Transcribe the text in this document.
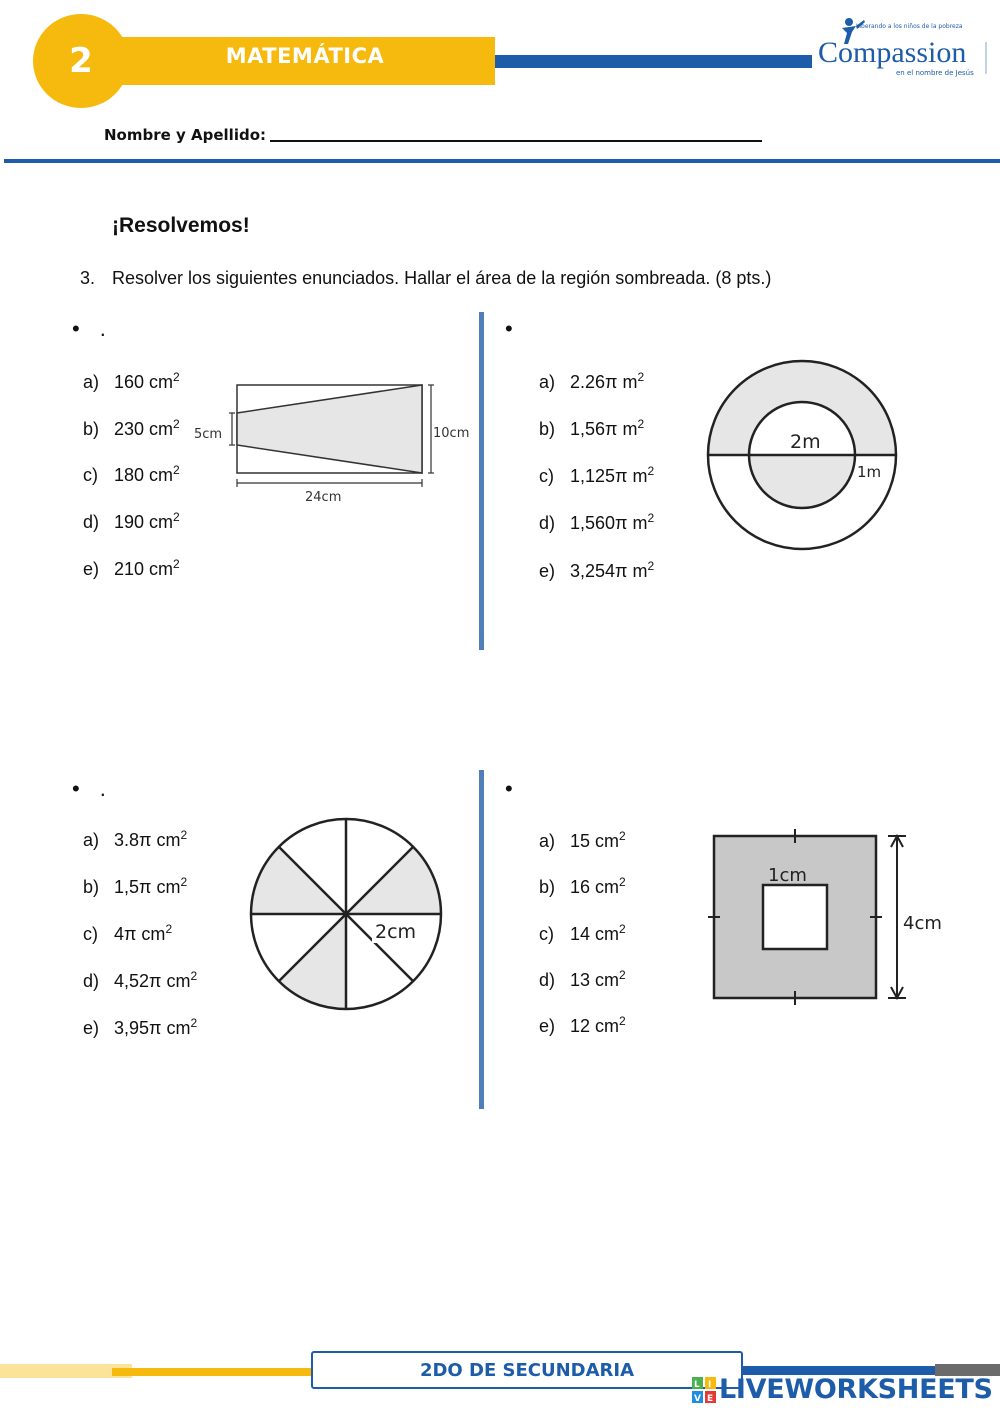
2	MATEMÁTICA
Liberando a los niños de la pobreza
Compassion
en el nombre de Jesús
Nombre y Apellido:
¡Resolvemos!
3. Resolver los siguientes enunciados. Hallar el área de la región sombreada. (8 pts.)
• .
a) 160 $cm^2$
b) 230 $cm^2$
c) 180 $cm^2$
d) 190 $cm^2$
e) 210 $cm^2$
5cm	10cm
24cm
•
a) 2.26π $m^2$
b) 1,56π $m^2$
c) 1,125π $m^2$
d) 1,560π $m^2$
e) 3,254π $m^2$
2m
1m
• .
a) 3.8π $cm^2$
b) 1,5π $cm^2$
c) 4π $cm^2$
d) 4,52π $cm^2$
e) 3,95π $cm^2$
2cm
•
a) 15 $cm^2$
b) 16 $cm^2$
c) 14 $cm^2$
d) 13 $cm^2$
e) 12 $cm^2$
1cm
4cm
2DO DE SECUNDARIA
L I
V E LIVEWORKSHEETS
